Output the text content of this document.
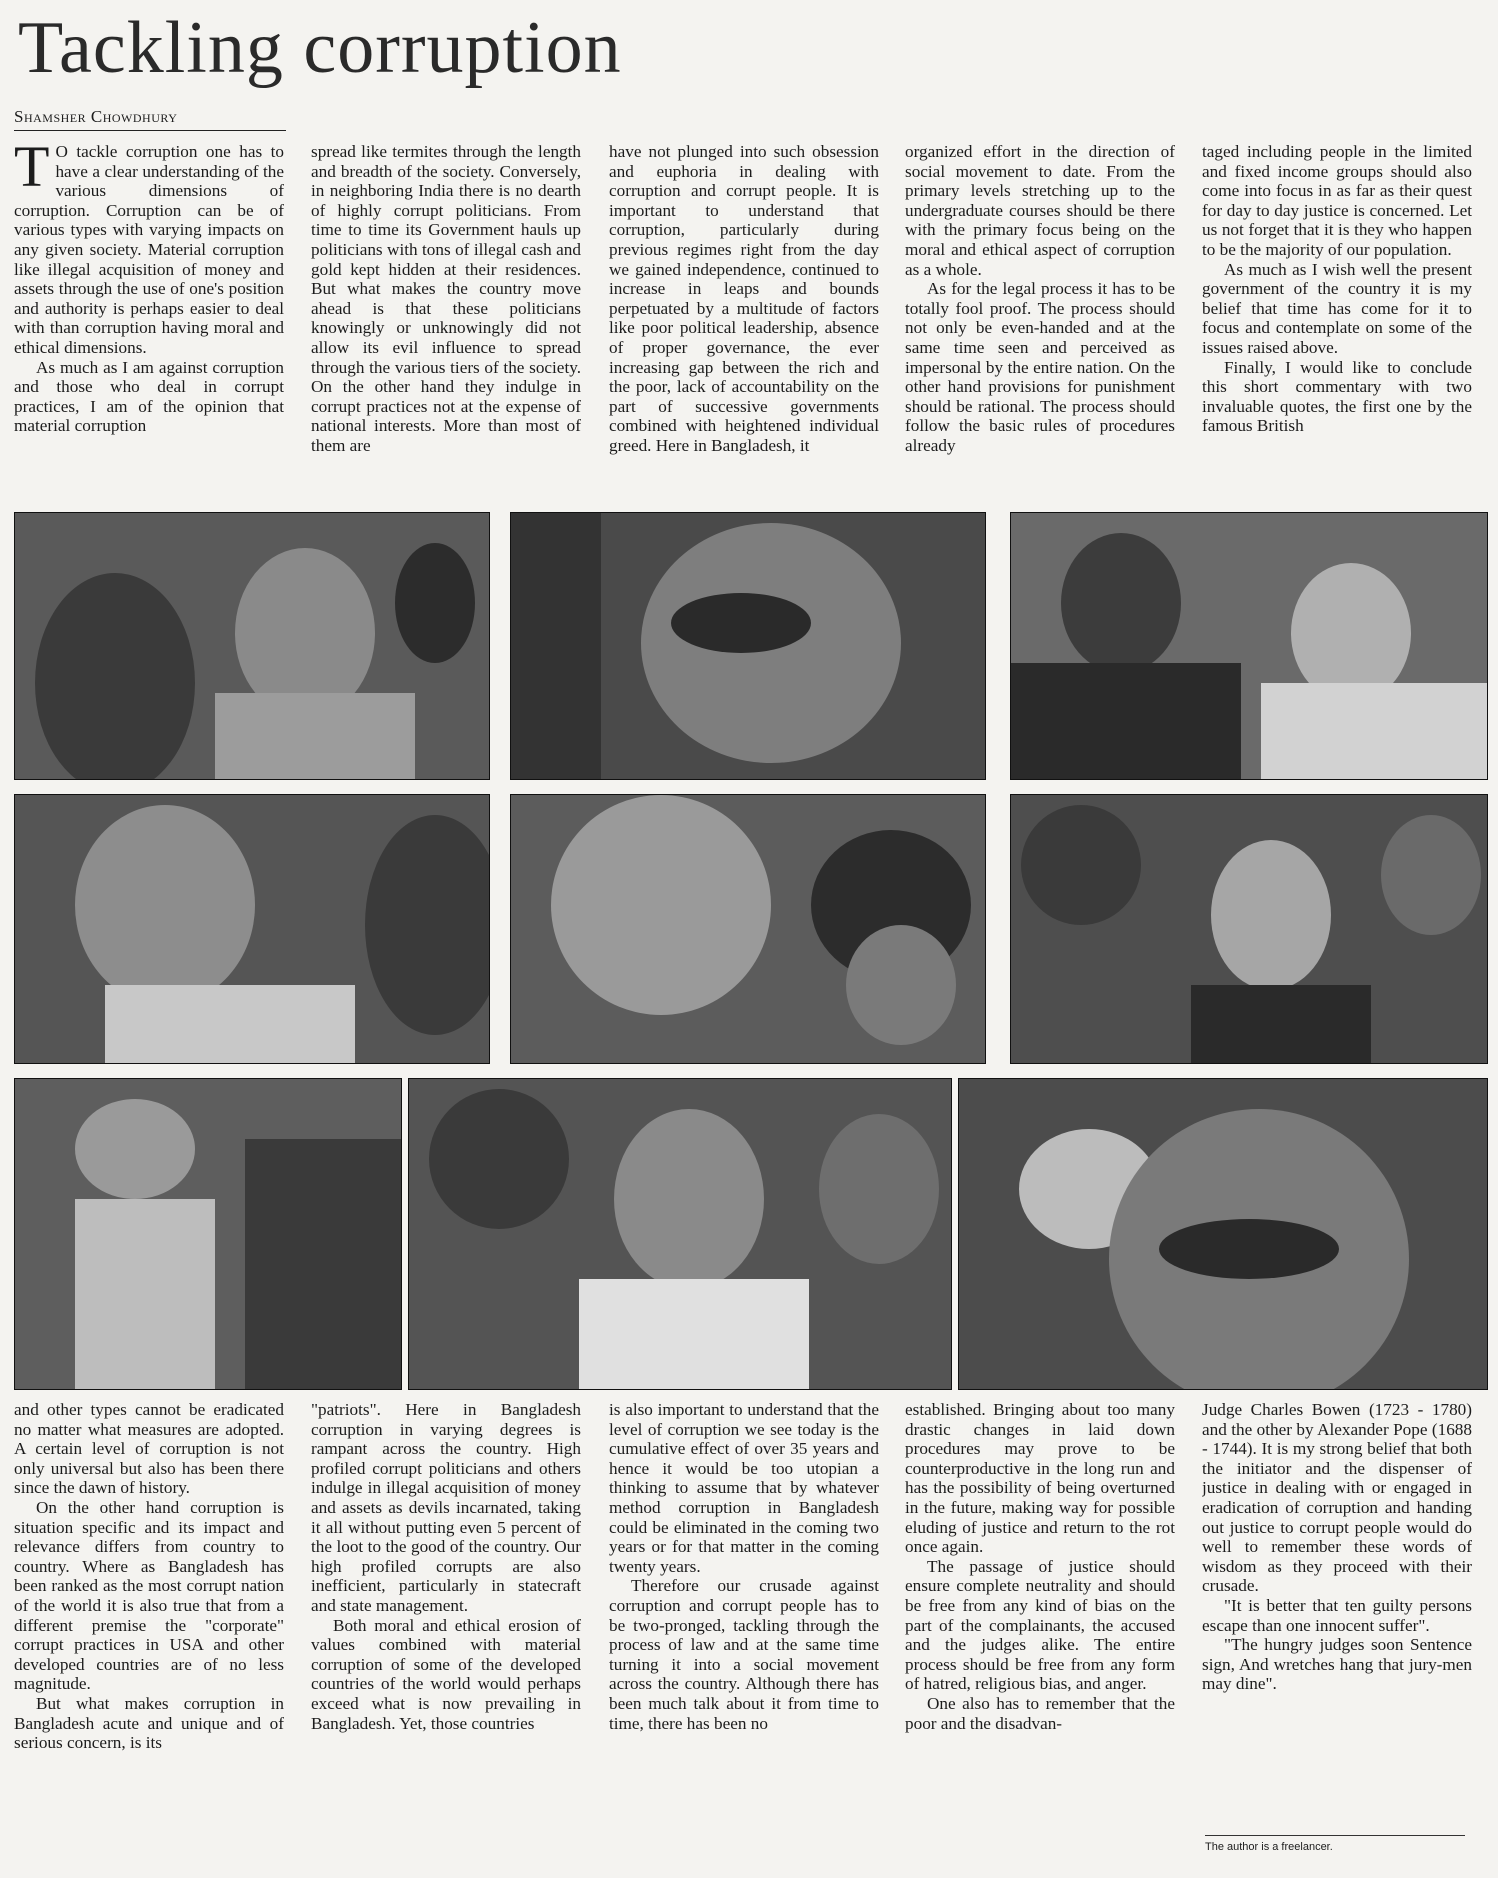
Tackling corruption
Shamsher Chowdhury

T O tackle corruption one has to have a clear understanding of the various dimensions of corruption. Corruption can be of various types with varying impacts on any given society. Material corruption like illegal acquisition of money and assets through the use of one's position and authority is perhaps easier to deal with than corruption having moral and ethical dimensions.

As much as I am against corruption and those who deal in corrupt practices, I am of the opinion that material corruption

spread like termites through the length and breadth of the society. Conversely, in neighboring India there is no dearth of highly corrupt politicians. From time to time its Government hauls up politicians with tons of illegal cash and gold kept hidden at their residences. But what makes the country move ahead is that these politicians knowingly or unknowingly did not allow its evil influence to spread through the various tiers of the society. On the other hand they indulge in corrupt practices not at the expense of national interests. More than most of them are

have not plunged into such obsession and euphoria in dealing with corruption and corrupt people. It is important to understand that corruption, particularly during previous regimes right from the day we gained independence, continued to increase in leaps and bounds perpetuated by a multitude of factors like poor political leadership, absence of proper governance, the ever increasing gap between the rich and the poor, lack of accountability on the part of successive governments combined with heightened individual greed. Here in Bangladesh, it

organized effort in the direction of social movement to date. From the primary levels stretching up to the undergraduate courses should be there with the primary focus being on the moral and ethical aspect of corruption as a whole.

As for the legal process it has to be totally fool proof. The process should not only be even-handed and at the same time seen and perceived as impersonal by the entire nation. On the other hand provisions for punishment should be rational. The process should follow the basic rules of procedures already

taged including people in the limited and fixed income groups should also come into focus in as far as their quest for day to day justice is concerned. Let us not forget that it is they who happen to be the majority of our population.

As much as I wish well the present government of the country it is my belief that time has come for it to focus and contemplate on some of the issues raised above.

Finally, I would like to conclude this short commentary with two invaluable quotes, the first one by the famous British

and other types cannot be eradicated no matter what measures are adopted. A certain level of corruption is not only universal but also has been there since the dawn of history.

On the other hand corruption is situation specific and its impact and relevance differs from country to country. Where as Bangladesh has been ranked as the most corrupt nation of the world it is also true that from a different premise the "corporate" corrupt practices in USA and other developed countries are of no less magnitude.

But what makes corruption in Bangladesh acute and unique and of serious concern, is its

"patriots". Here in Bangladesh corruption in varying degrees is rampant across the country. High profiled corrupt politicians and others indulge in illegal acquisition of money and assets as devils incarnated, taking it all without putting even 5 percent of the loot to the good of the country. Our high profiled corrupts are also inefficient, particularly in statecraft and state management.

Both moral and ethical erosion of values combined with material corruption of some of the developed countries of the world would perhaps exceed what is now prevailing in Bangladesh. Yet, those countries

is also important to understand that the level of corruption we see today is the cumulative effect of over 35 years and hence it would be too utopian a thinking to assume that by whatever method corruption in Bangladesh could be eliminated in the coming two years or for that matter in the coming twenty years.

Therefore our crusade against corruption and corrupt people has to be two-pronged, tackling through the process of law and at the same time turning it into a social movement across the country. Although there has been much talk about it from time to time, there has been no

established. Bringing about too many drastic changes in laid down procedures may prove to be counterproductive in the long run and has the possibility of being overturned in the future, making way for possible eluding of justice and return to the rot once again.

The passage of justice should ensure complete neutrality and should be free from any kind of bias on the part of the complainants, the accused and the judges alike. The entire process should be free from any form of hatred, religious bias, and anger.

One also has to remember that the poor and the disadvan-

Judge Charles Bowen (1723 - 1780) and the other by Alexander Pope (1688 - 1744). It is my strong belief that both the initiator and the dispenser of justice in dealing with or engaged in eradication of corruption and handing out justice to corrupt people would do well to remember these words of wisdom as they proceed with their crusade.

"It is better that ten guilty persons escape than one innocent suffer".

"The hungry judges soon Sentence sign, And wretches hang that jury-men may dine".

The author is a freelancer.
